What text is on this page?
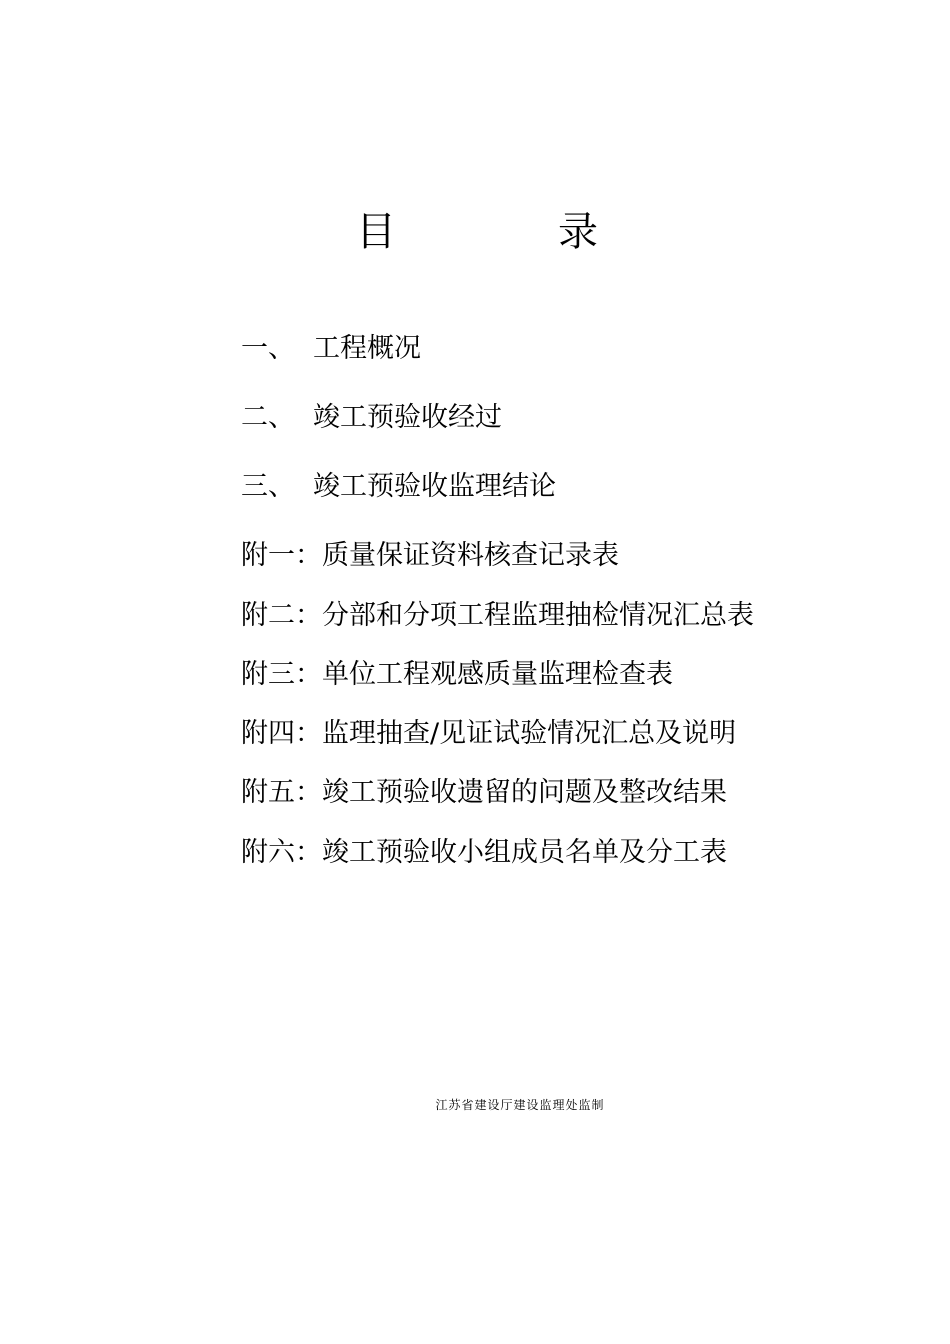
目	录
一、 工程概况
二、 竣工预验收经过
三、 竣工预验收监理结论
附一：质量保证资料核查记录表
附二：分部和分项工程监理抽检情况汇总表
附三：单位工程观感质量监理检查表
附四：监理抽查/见证试验情况汇总及说明
附五：竣工预验收遗留的问题及整改结果
附六：竣工预验收小组成员名单及分工表
江苏省建设厅建设监理处监制
